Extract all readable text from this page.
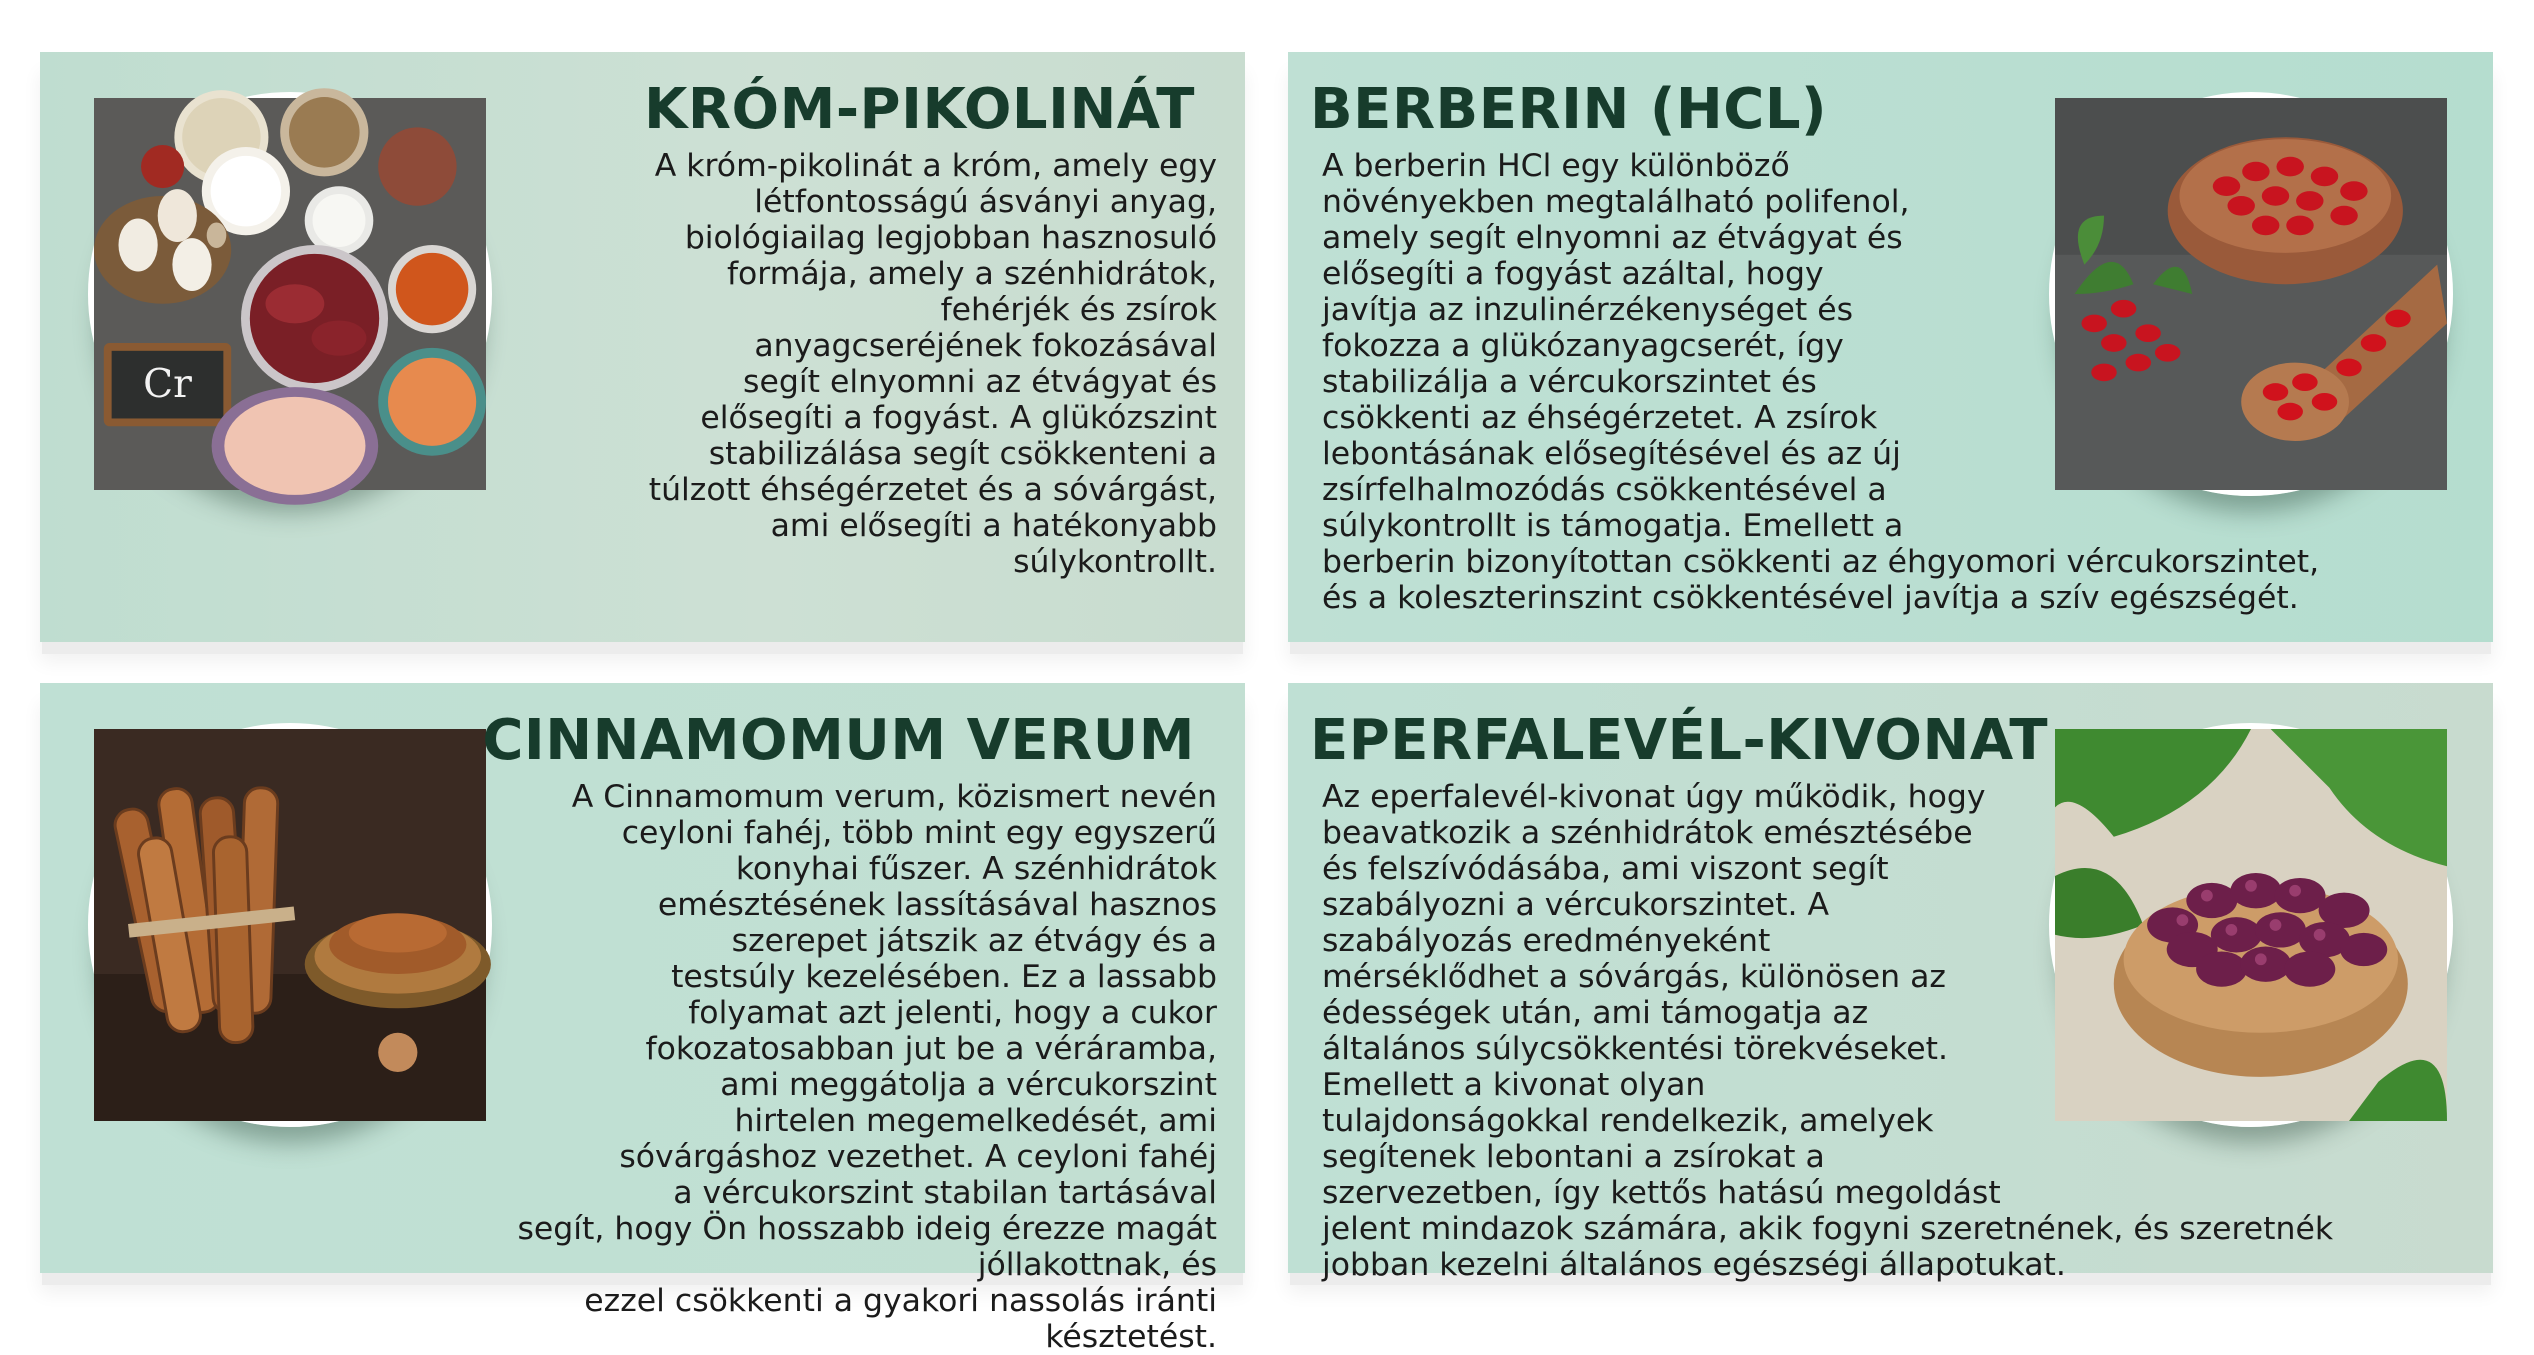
Cr
KRÓM-PIKOLINÁT

A króm-pikolinát a króm, amely egy
létfontosságú ásványi anyag,
biológiailag legjobban hasznosuló
formája, amely a szénhidrátok,
fehérjék és zsírok
anyagcseréjének fokozásával
segít elnyomni az étvágyat és
elősegíti a fogyást. A glükózszint
stabilizálása segít csökkenteni a
túlzott éhségérzetet és a sóvárgást,
ami elősegíti a hatékonyabb
súlykontrollt.

BERBERIN (HCL)

A berberin HCl egy különböző
növényekben megtalálható polifenol,
amely segít elnyomni az étvágyat és
elősegíti a fogyást azáltal, hogy
javítja az inzulinérzékenységet és
fokozza a glükózanyagcserét, így
stabilizálja a vércukorszintet és
csökkenti az éhségérzetet. A zsírok
lebontásának elősegítésével és az új
zsírfelhalmozódás csökkentésével a
súlykontrollt is támogatja. Emellett a
berberin bizonyítottan csökkenti az éhgyomori vércukorszintet,
és a koleszterinszint csökkentésével javítja a szív egészségét.

CINNAMOMUM VERUM

A Cinnamomum verum, közismert nevén
ceyloni fahéj, több mint egy egyszerű
konyhai fűszer. A szénhidrátok
emésztésének lassításával hasznos
szerepet játszik az étvágy és a
testsúly kezelésében. Ez a lassabb
folyamat azt jelenti, hogy a cukor
fokozatosabban jut be a véráramba,
ami meggátolja a vércukorszint
hirtelen megemelkedését, ami
sóvárgáshoz vezethet. A ceyloni fahéj
a vércukorszint stabilan tartásával
segít, hogy Ön hosszabb ideig érezze magát jóllakottnak, és
ezzel csökkenti a gyakori nassolás iránti késztetést.

EPERFALEVÉL-KIVONAT

Az eperfalevél-kivonat úgy működik, hogy
beavatkozik a szénhidrátok emésztésébe
és felszívódásába, ami viszont segít
szabályozni a vércukorszintet. A
szabályozás eredményeként
mérséklődhet a sóvárgás, különösen az
édességek után, ami támogatja az
általános súlycsökkentési törekvéseket.
Emellett a kivonat olyan
tulajdonságokkal rendelkezik, amelyek
segítenek lebontani a zsírokat a
szervezetben, így kettős hatású megoldást
jelent mindazok számára, akik fogyni szeretnének, és szeretnék
jobban kezelni általános egészségi állapotukat.
